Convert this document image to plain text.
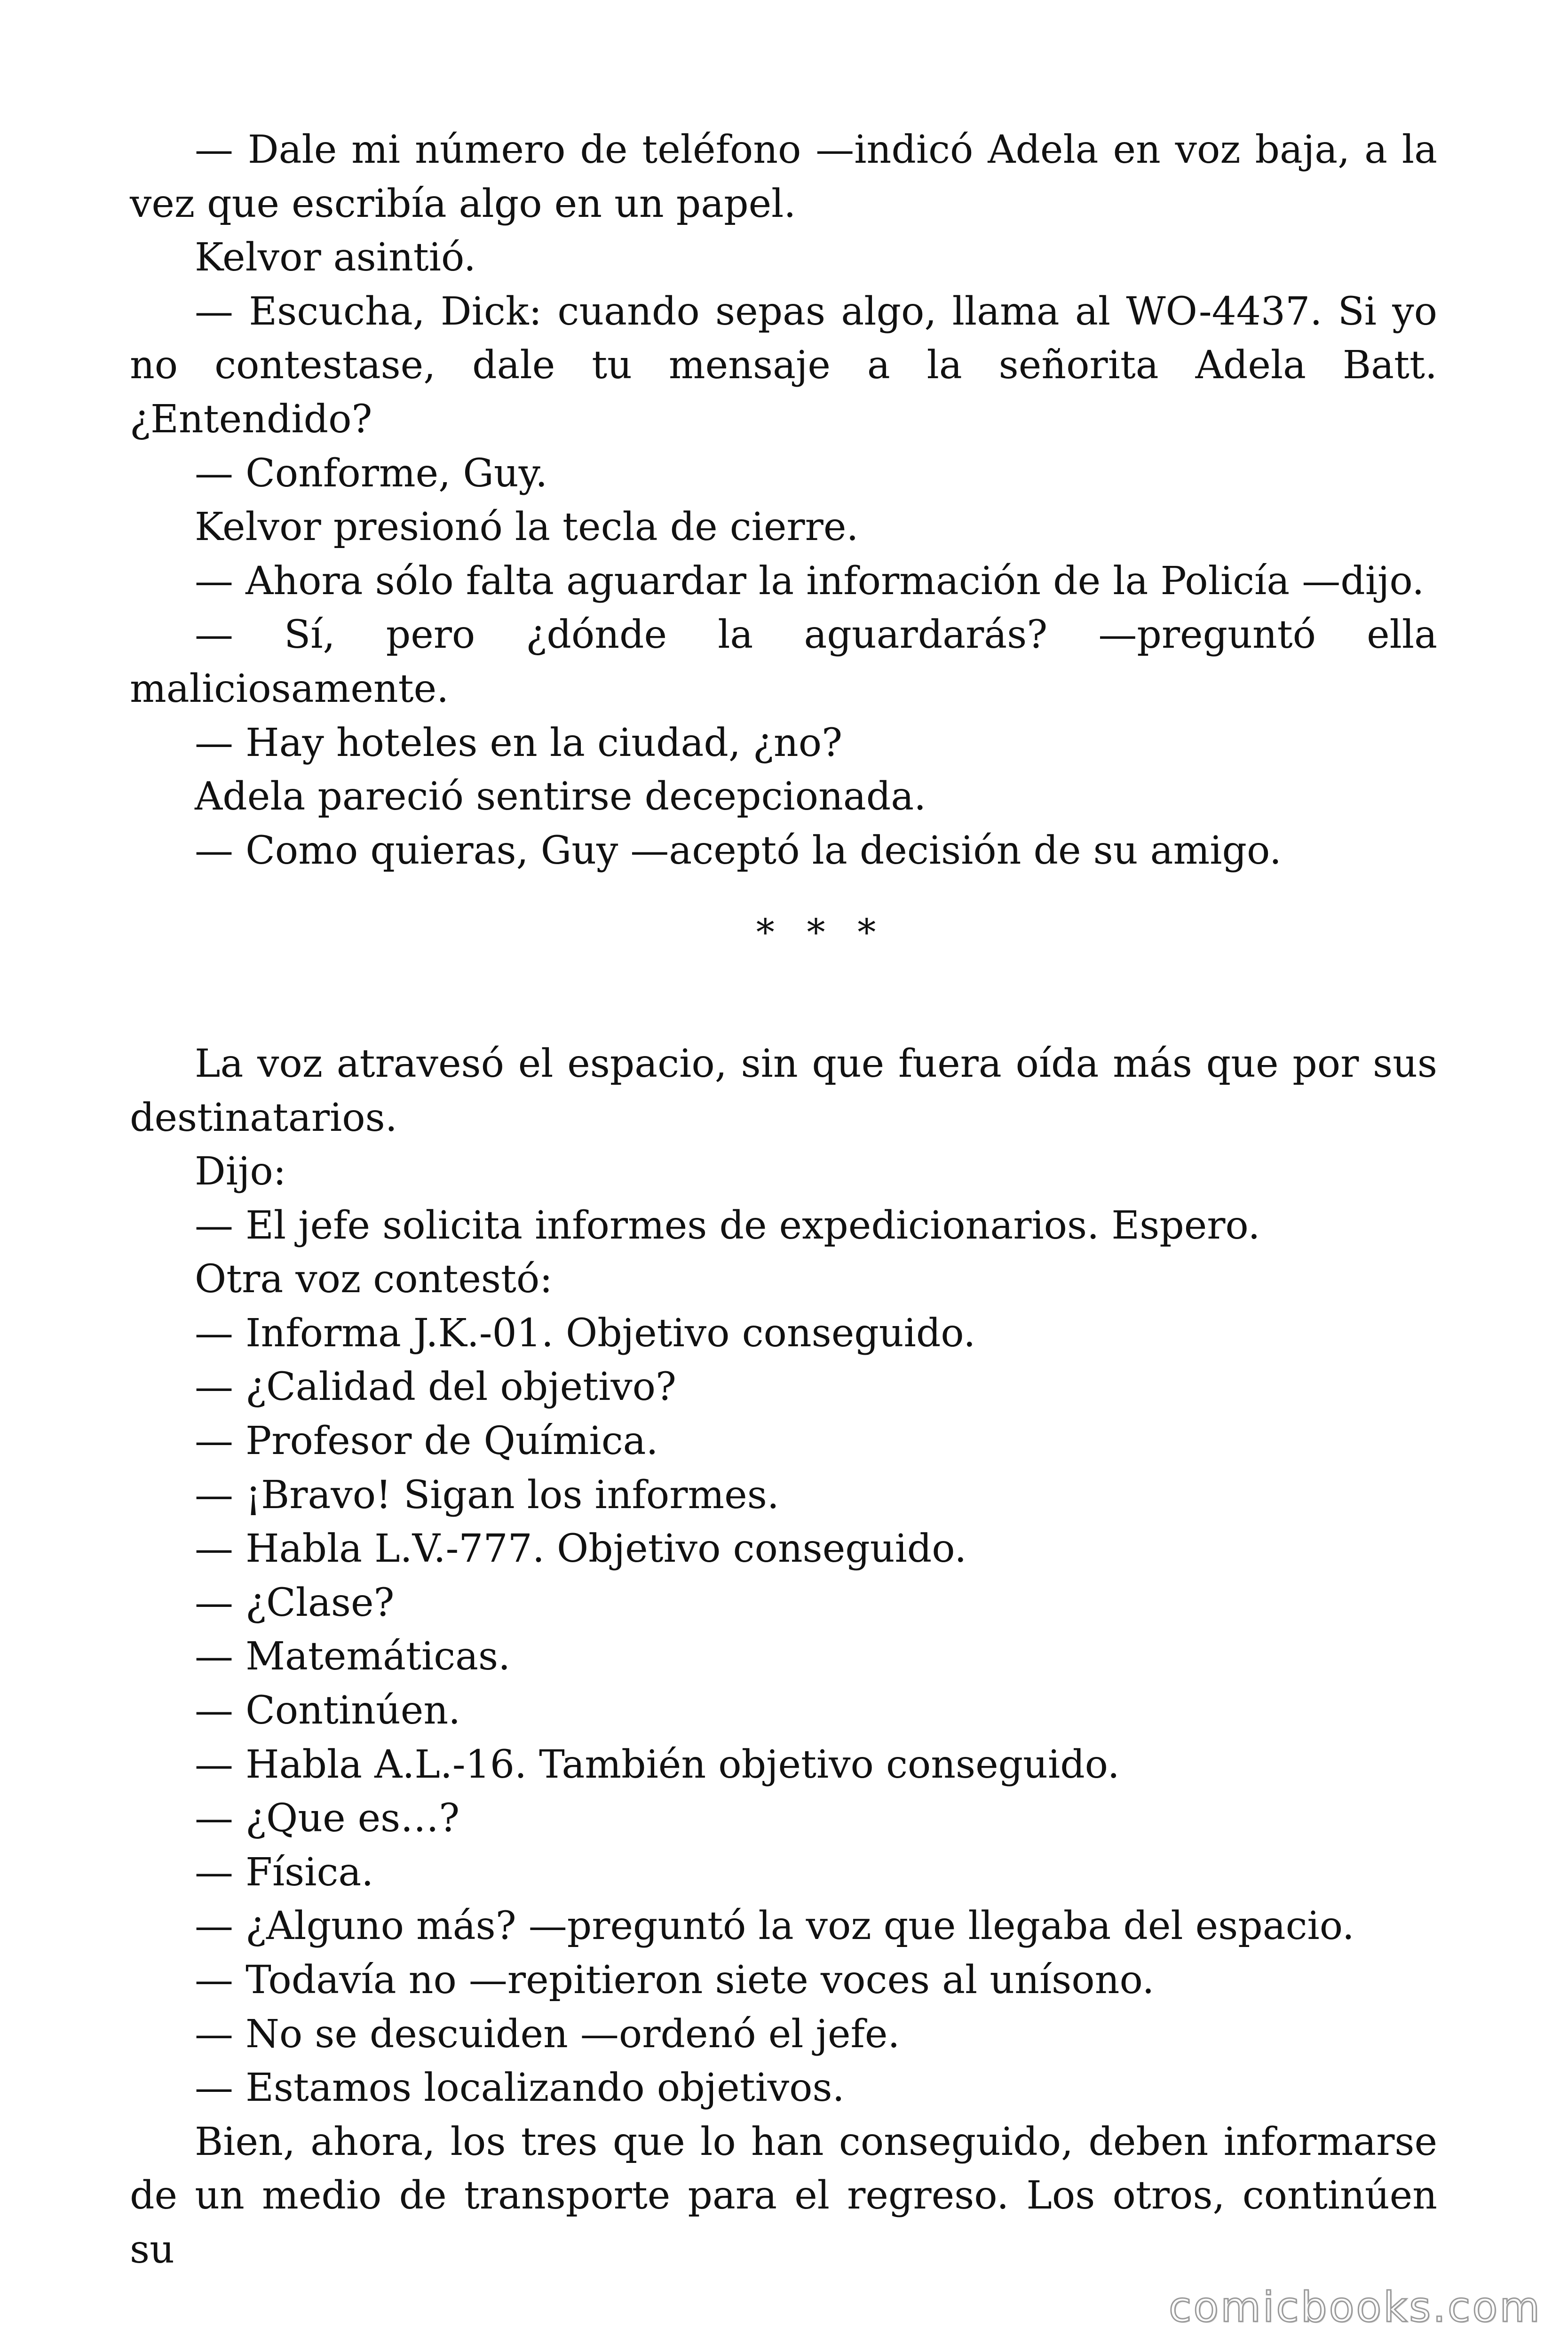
— Dale mi número de teléfono —indicó Adela en voz baja, a la vez que escribía algo en un papel.

Kelvor asintió.

— Escucha, Dick: cuando sepas algo, llama al WO-4437. Si yo no contestase, dale tu mensaje a la señorita Adela Batt. ¿Entendido?

— Conforme, Guy.

Kelvor presionó la tecla de cierre.

— Ahora sólo falta aguardar la información de la Policía —dijo.

— Sí, pero ¿dónde la aguardarás? —preguntó ella maliciosamente.

— Hay hoteles en la ciudad, ¿no?

Adela pareció sentirse decepcionada.

— Como quieras, Guy —aceptó la decisión de su amigo.

* * *

La voz atravesó el espacio, sin que fuera oída más que por sus destinatarios.

Dijo:

— El jefe solicita informes de expedicionarios. Espero.

Otra voz contestó:

— Informa J.K.-01. Objetivo conseguido.

— ¿Calidad del objetivo?

— Profesor de Química.

— ¡Bravo! Sigan los informes.

— Habla L.V.-777. Objetivo conseguido.

— ¿Clase?

— Matemáticas.

— Continúen.

— Habla A.L.-16. También objetivo conseguido.

— ¿Que es…?

— Física.

— ¿Alguno más? —preguntó la voz que llegaba del espacio.

— Todavía no —repitieron siete voces al unísono.

— No se descuiden —ordenó el jefe.

— Estamos localizando objetivos.

Bien, ahora, los tres que lo han conseguido, deben informarse de un medio de transporte para el regreso. Los otros, continúen su

comicbooks.com
